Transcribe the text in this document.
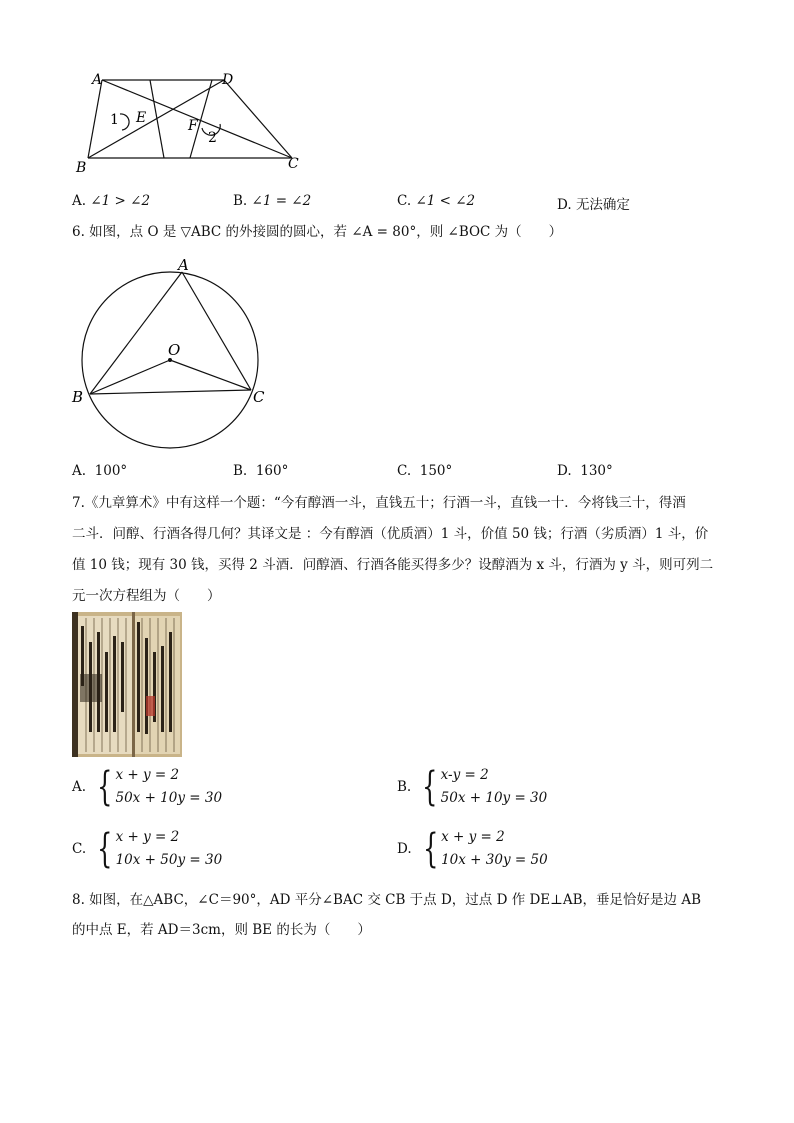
A	D
B	C
E	F
1
2
A. ∠1 > ∠2	B. ∠1 = ∠2	C. ∠1 < ∠2	D. 无法确定
6. 如图，点 O 是 ▽ABC 的外接圆的圆心，若 ∠A = 80°，则 ∠BOC 为（　　）
A
O
B	C
A. 100°	B. 160°	C. 150°	D. 130°
7.《九章算术》中有这样一个题：“今有醇酒一斗，直钱五十；行酒一斗，直钱一十．今将钱三十，得酒
二斗．问醇、行酒各得几何？其译文是 ：今有醇酒（优质酒）1 斗，价值 50 钱；行酒（劣质酒）1 斗，价
值 10 钱；现有 30 钱，买得 2 斗酒．问醇酒、行酒各能买得多少？设醇酒为 x 斗，行酒为 y 斗，则可列二
元一次方程组为（　　）
A. { x + y = 2
50x + 10y = 30
B. { x-y = 2
50x + 10y = 30
C. { x + y = 2
10x + 50y = 30
D. { x + y = 2
10x + 30y = 50
8. 如图，在△ABC，∠C＝90°，AD 平分∠BAC 交 CB 于点 D，过点 D 作 DE⊥AB，垂足恰好是边 AB
的中点 E，若 AD＝3cm，则 BE 的长为（　　）
